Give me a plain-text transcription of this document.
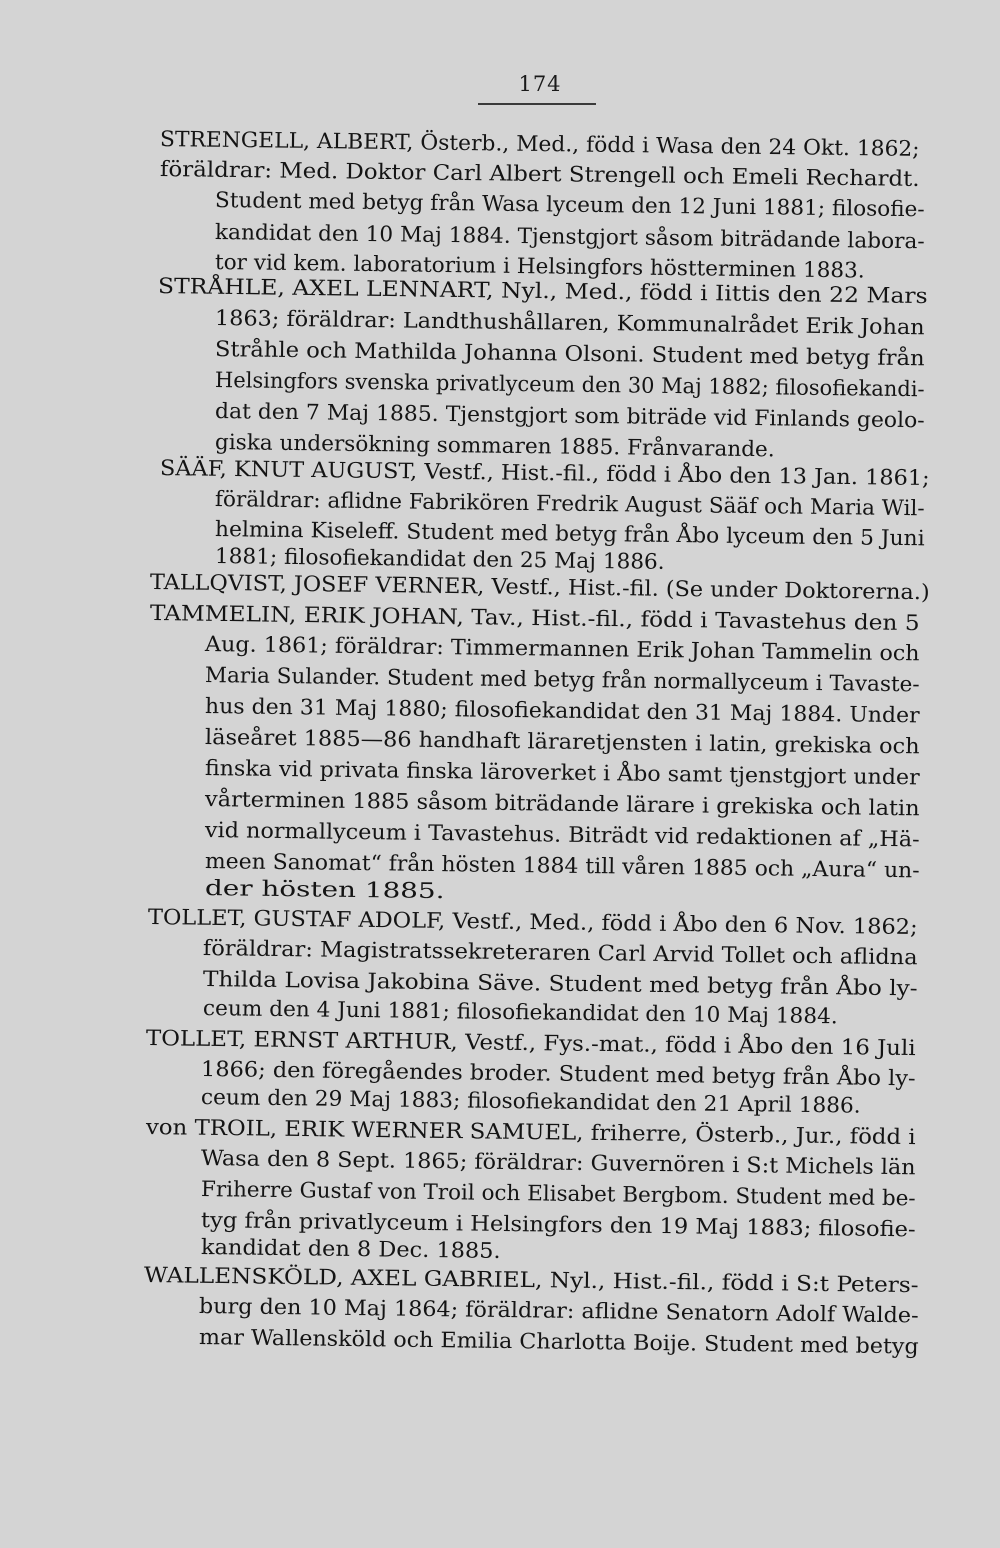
174
STRENGELL, ALBERT, Österb., Med., född i Wasa den 24 Okt. 1862;
föräldrar: Med. Doktor Carl Albert Strengell och Emeli Rechardt.
Student med betyg från Wasa lyceum den 12 Juni 1881; filosofie-
kandidat den 10 Maj 1884. Tjenstgjort såsom biträdande labora-
tor vid kem. laboratorium i Helsingfors höstterminen 1883.
STRÅHLE, AXEL LENNART, Nyl., Med., född i Iittis den 22 Mars
1863; föräldrar: Landthushållaren, Kommunalrådet Erik Johan
Stråhle och Mathilda Johanna Olsoni. Student med betyg från
Helsingfors svenska privatlyceum den 30 Maj 1882; filosofiekandi-
dat den 7 Maj 1885. Tjenstgjort som biträde vid Finlands geolo-
giska undersökning sommaren 1885. Frånvarande.
SÄÄF, KNUT AUGUST, Vestf., Hist.-fil., född i Åbo den 13 Jan. 1861;
föräldrar: aflidne Fabrikören Fredrik August Sääf och Maria Wil-
helmina Kiseleff. Student med betyg från Åbo lyceum den 5 Juni
1881; filosofiekandidat den 25 Maj 1886.
TALLQVIST, JOSEF VERNER, Vestf., Hist.-fil. (Se under Doktorerna.)
TAMMELIN, ERIK JOHAN, Tav., Hist.-fil., född i Tavastehus den 5
Aug. 1861; föräldrar: Timmermannen Erik Johan Tammelin och
Maria Sulander. Student med betyg från normallyceum i Tavaste-
hus den 31 Maj 1880; filosofiekandidat den 31 Maj 1884. Under
läseåret 1885—86 handhaft läraretjensten i latin, grekiska och
finska vid privata finska läroverket i Åbo samt tjenstgjort under
vårterminen 1885 såsom biträdande lärare i grekiska och latin
vid normallyceum i Tavastehus. Biträdt vid redaktionen af „Hä-
meen Sanomat“ från hösten 1884 till våren 1885 och „Aura“ un-
der hösten 1885.
TOLLET, GUSTAF ADOLF, Vestf., Med., född i Åbo den 6 Nov. 1862;
föräldrar: Magistratssekreteraren Carl Arvid Tollet och aflidna
Thilda Lovisa Jakobina Säve. Student med betyg från Åbo ly-
ceum den 4 Juni 1881; filosofiekandidat den 10 Maj 1884.
TOLLET, ERNST ARTHUR, Vestf., Fys.-mat., född i Åbo den 16 Juli
1866; den föregåendes broder. Student med betyg från Åbo ly-
ceum den 29 Maj 1883; filosofiekandidat den 21 April 1886.
von TROIL, ERIK WERNER SAMUEL, friherre, Österb., Jur., född i
Wasa den 8 Sept. 1865; föräldrar: Guvernören i S:t Michels län
Friherre Gustaf von Troil och Elisabet Bergbom. Student med be-
tyg från privatlyceum i Helsingfors den 19 Maj 1883; filosofie-
kandidat den 8 Dec. 1885.
WALLENSKÖLD, AXEL GABRIEL, Nyl., Hist.-fil., född i S:t Peters-
burg den 10 Maj 1864; föräldrar: aflidne Senatorn Adolf Walde-
mar Wallensköld och Emilia Charlotta Boije. Student med betyg
